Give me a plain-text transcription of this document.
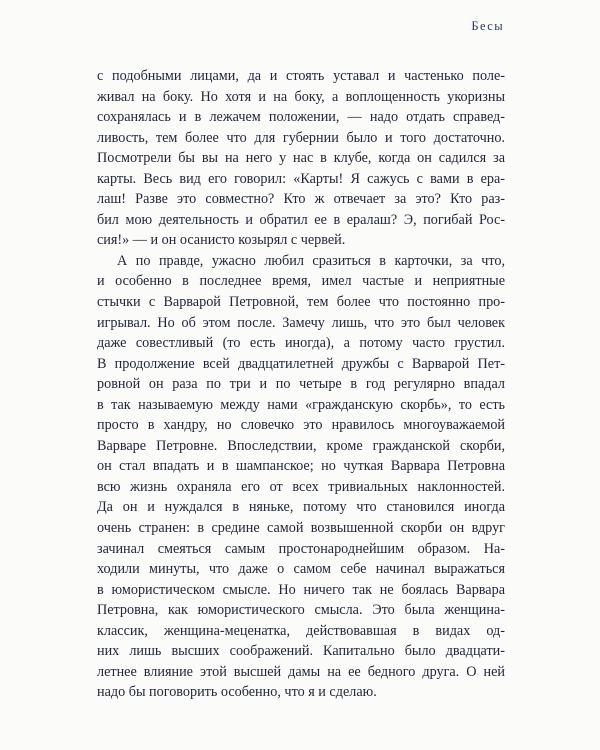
Бесы
с подобными лицами, да и стоять уставал и частенько поле-
живал на боку. Но хотя и на боку, а воплощенность укоризны
сохранялась и в лежачем положении, — надо отдать справед-
ливость, тем более что для губернии было и того достаточно.
Посмотрели бы вы на него у нас в клубе, когда он садился за
карты. Весь вид его говорил: «Карты! Я сажусь с вами в ера-
лаш! Разве это совместно? Кто ж отвечает за это? Кто раз-
бил мою деятельность и обратил ее в ералаш? Э, погибай Рос-
сия!» — и он осанисто козырял с червей.
А по правде, ужасно любил сразиться в карточки, за что,
и особенно в последнее время, имел частые и неприятные
стычки с Варварой Петровной, тем более что постоянно про-
игрывал. Но об этом после. Замечу лишь, что это был человек
даже совестливый (то есть иногда), а потому часто грустил.
В продолжение всей двадцатилетней дружбы с Варварой Пет-
ровной он раза по три и по четыре в год регулярно впадал
в так называемую между нами «гражданскую скорбь», то есть
просто в хандру, но словечко это нравилось многоуважаемой
Варваре Петровне. Впоследствии, кроме гражданской скорби,
он стал впадать и в шампанское; но чуткая Варвара Петровна
всю жизнь охраняла его от всех тривиальных наклонностей.
Да он и нуждался в няньке, потому что становился иногда
очень странен: в средине самой возвышенной скорби он вдруг
зачинал смеяться самым простонароднейшим образом. На-
ходили минуты, что даже о самом себе начинал выражаться
в юмористическом смысле. Но ничего так не боялась Варвара
Петровна, как юмористического смысла. Это была женщина-
классик, женщина-меценатка, действовавшая в видах од-
них лишь высших соображений. Капитально было двадцати-
летнее влияние этой высшей дамы на ее бедного друга. О ней
надо бы поговорить особенно, что я и сделаю.
